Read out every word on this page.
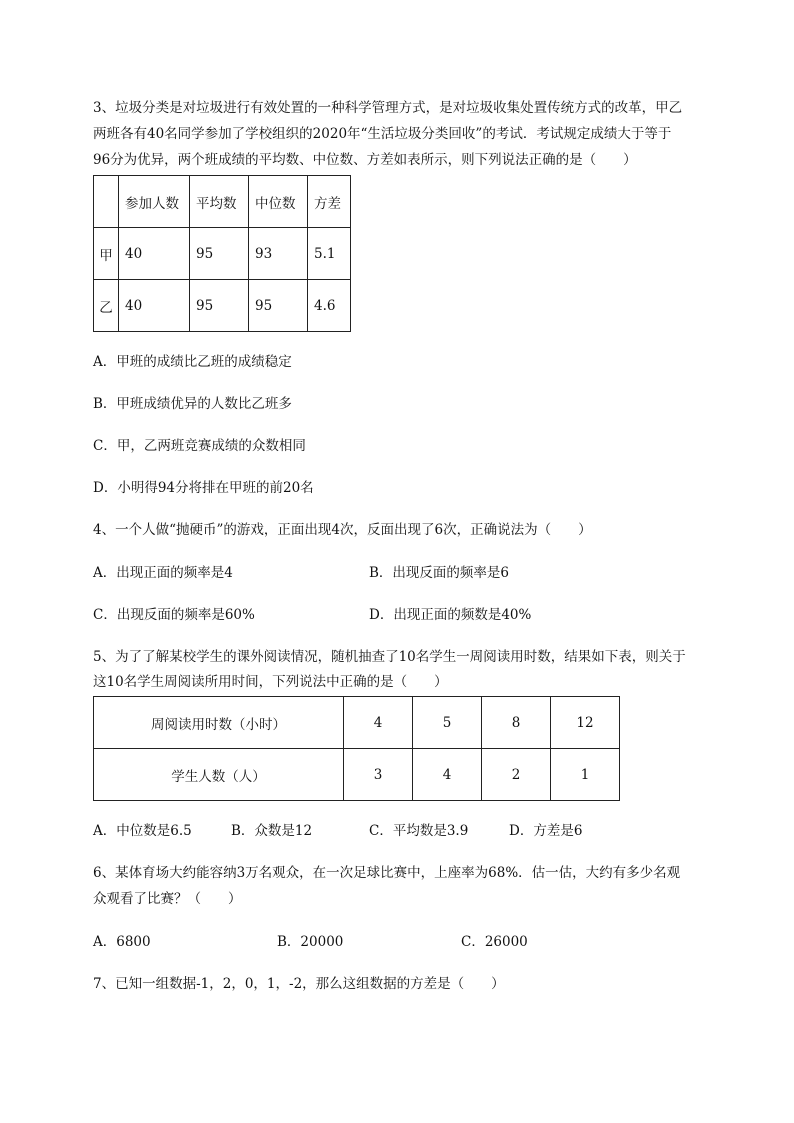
3、垃圾分类是对垃圾进行有效处置的一种科学管理方式，是对垃圾收集处置传统方式的改革，甲乙
两班各有40名同学参加了学校组织的2020年“生活垃圾分类回收”的考试．考试规定成绩大于等于
96分为优异，两个班成绩的平均数、中位数、方差如表所示，则下列说法正确的是（　　）
	参加人数	平均数	中位数	方差
甲	40	95	93	5.1
乙	40	95	95	4.6
A．甲班的成绩比乙班的成绩稳定
B．甲班成绩优异的人数比乙班多
C．甲，乙两班竞赛成绩的众数相同
D．小明得94分将排在甲班的前20名
4、一个人做“抛硬币”的游戏，正面出现4次，反面出现了6次，正确说法为（　　）
A．出现正面的频率是4	B．出现反面的频率是6
C．出现反面的频率是60%	D．出现正面的频数是40%
5、为了了解某校学生的课外阅读情况，随机抽查了10名学生一周阅读用时数，结果如下表，则关于
这10名学生周阅读所用时间，下列说法中正确的是（　　）
周阅读用时数（小时）	4	5	8	12
学生人数（人）	3	4	2	1
A．中位数是6.5	B．众数是12	C．平均数是3.9	D．方差是6
6、某体育场大约能容纳3万名观众，在一次足球比赛中，上座率为68%．估一估，大约有多少名观
众观看了比赛？（　　）
A．6800	B．20000	C．26000
7、已知一组数据-1，2，0，1，-2，那么这组数据的方差是（　　）
